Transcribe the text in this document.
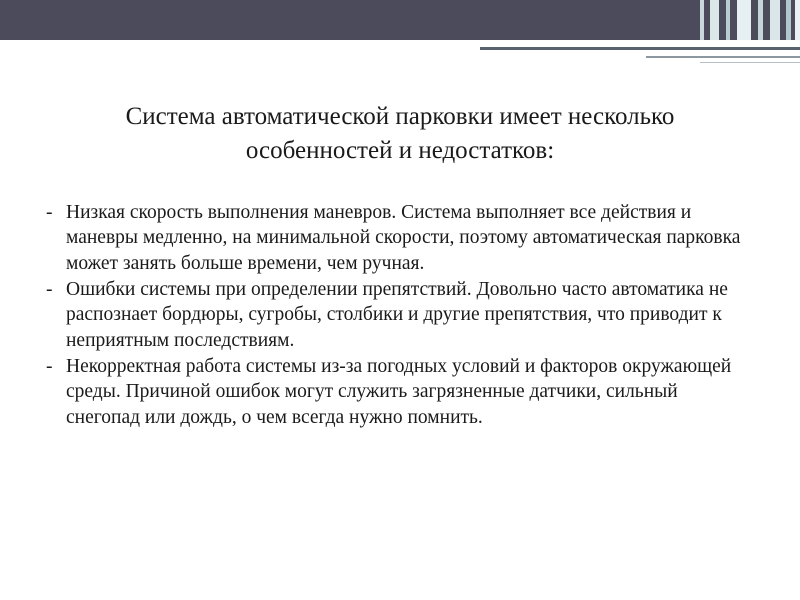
Система автоматической парковки имеет несколько особенностей и недостатков:
- Низкая скорость выполнения маневров. Система выполняет все действия и маневры медленно, на минимальной скорости, поэтому автоматическая парковка может занять больше времени, чем ручная.
- Ошибки системы при определении препятствий. Довольно часто автоматика не распознает бордюры, сугробы, столбики и другие препятствия, что приводит к неприятным последствиям.
- Некорректная работа системы из-за погодных условий и факторов окружающей среды. Причиной ошибок могут служить загрязненные датчики, сильный снегопад или дождь, о чем всегда нужно помнить.
